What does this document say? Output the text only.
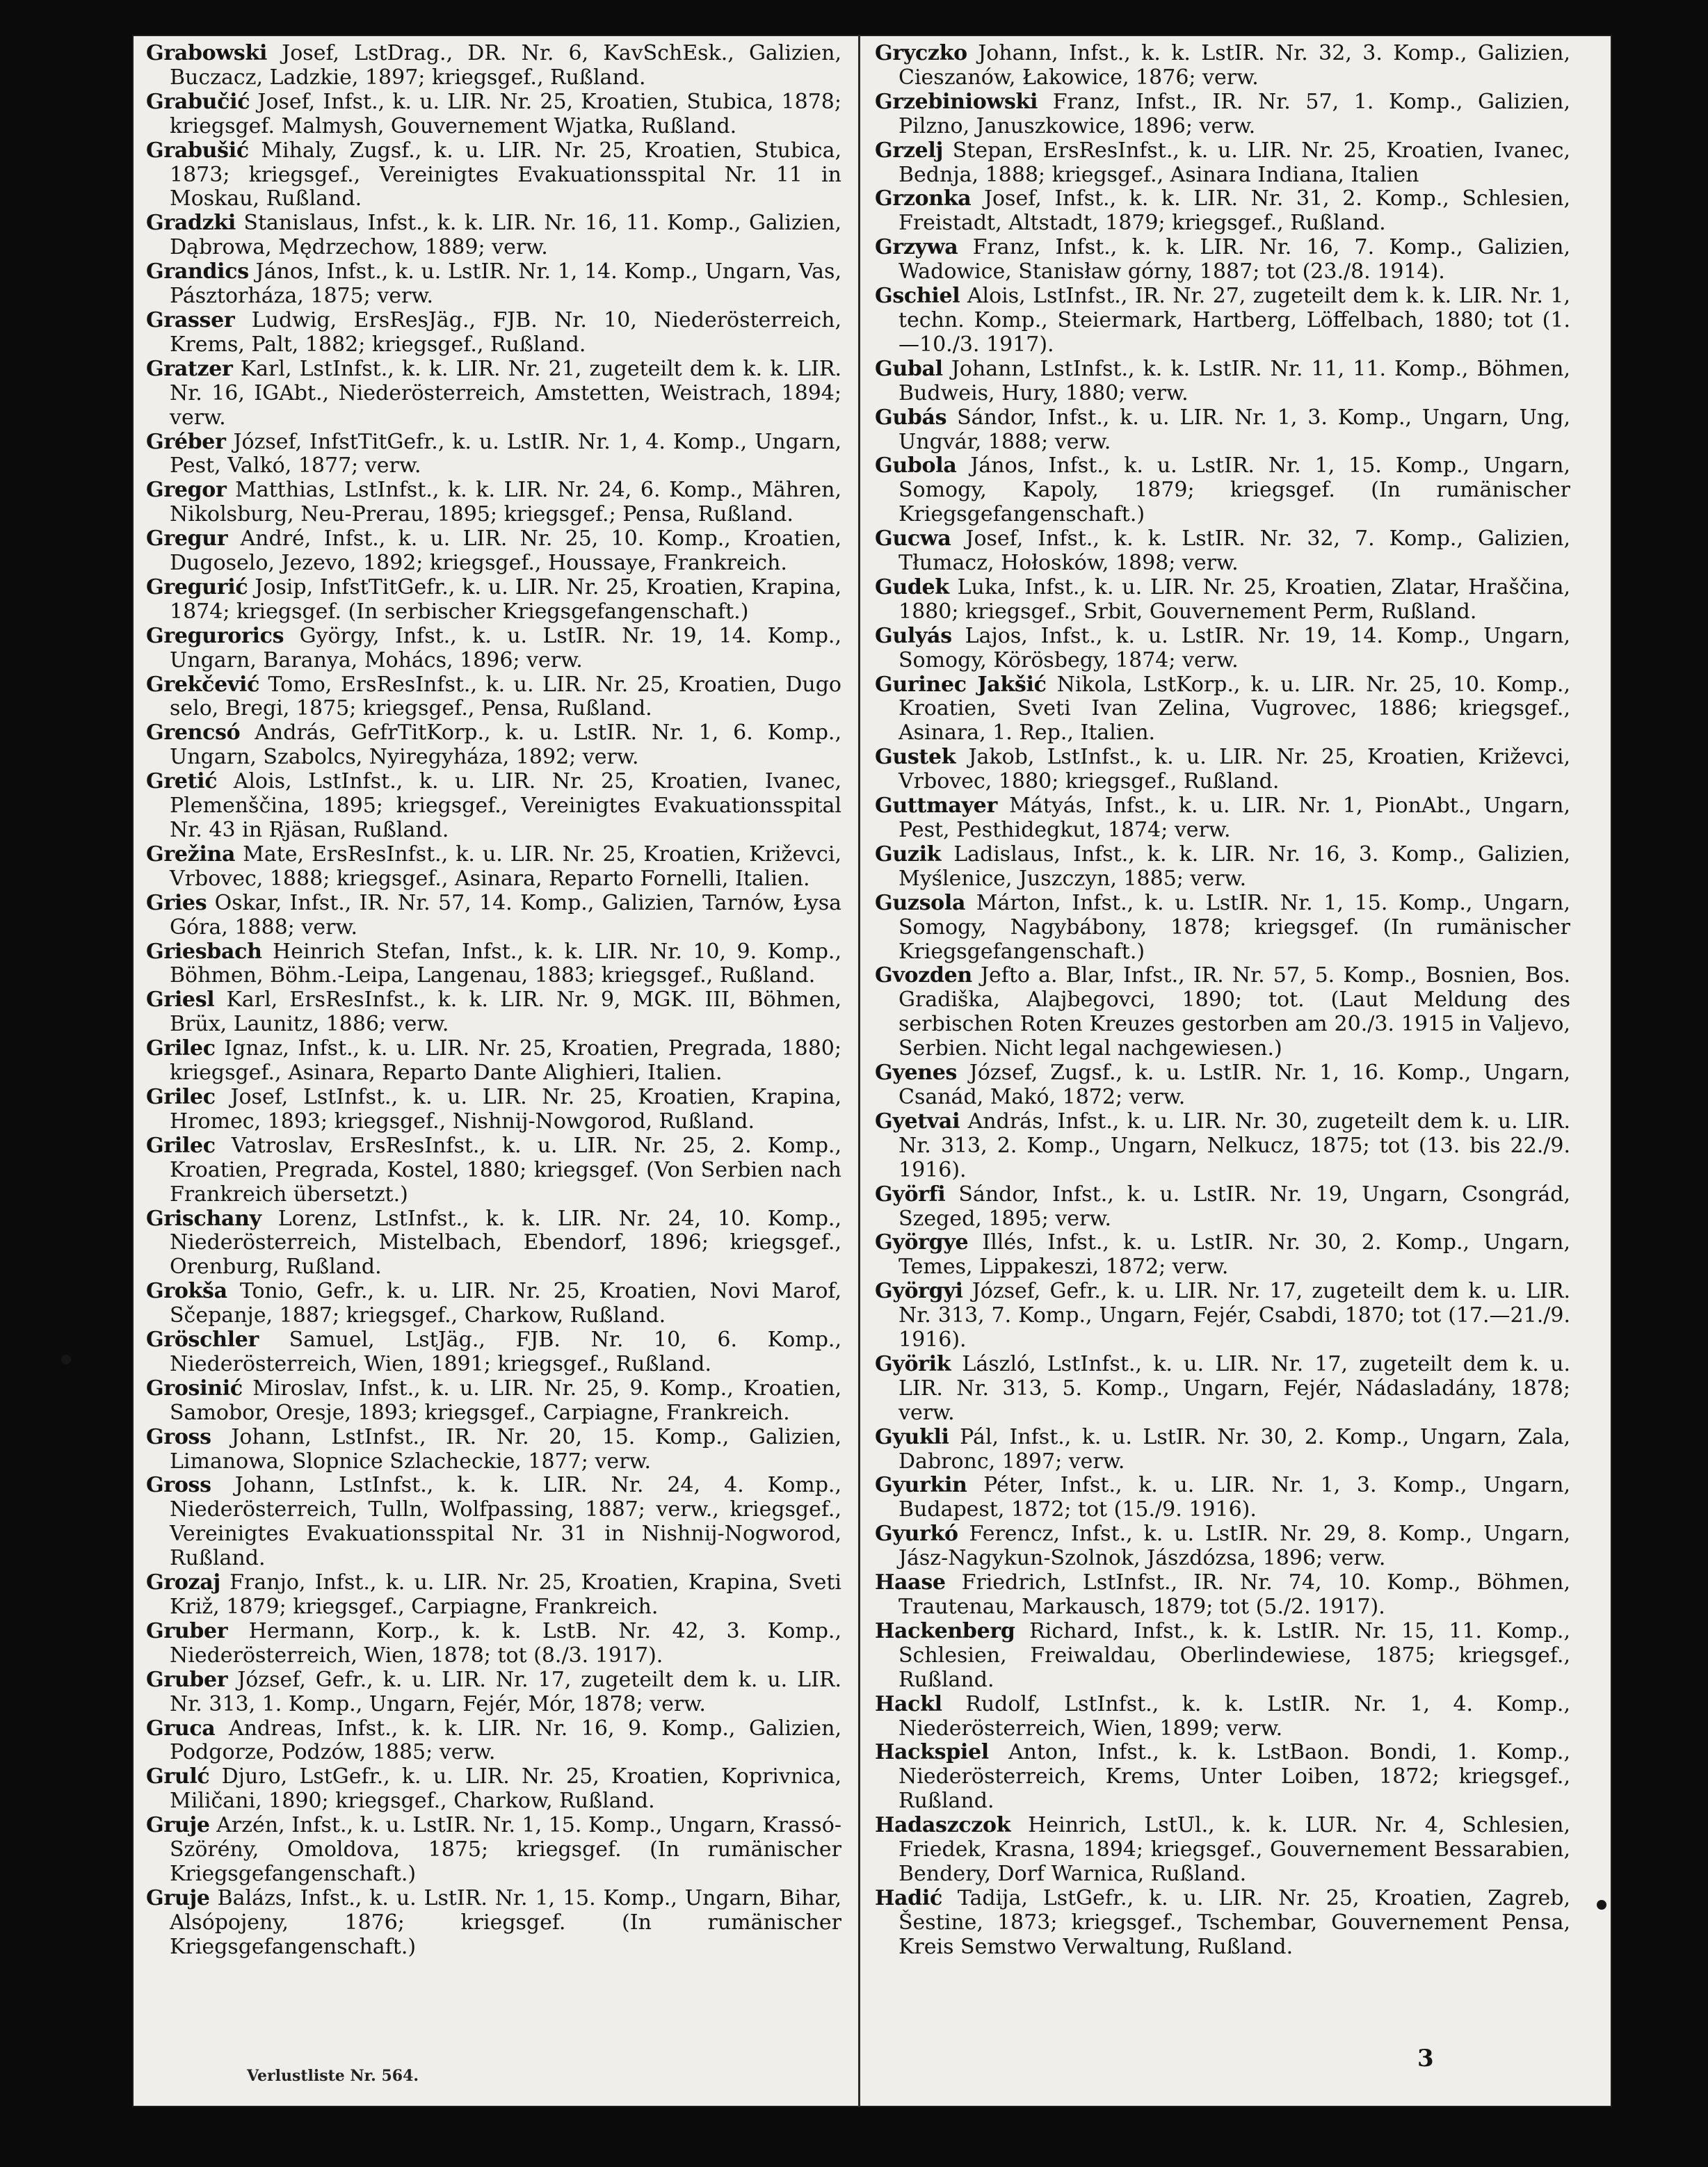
Grabowski Josef, LstDrag., DR. Nr. 6, KavSchEsk., Galizien, Buczacz, Ladzkie, 1897; kriegsgef., Rußland.

Grabučić Josef, Infst., k. u. LIR. Nr. 25, Kroatien, Stubica, 1878; kriegsgef. Malmysh, Gouvernement Wjatka, Rußland.

Grabušić Mihaly, Zugsf., k. u. LIR. Nr. 25, Kroatien, Stubica, 1873; kriegsgef., Vereinigtes Evakuationsspital Nr. 11 in Moskau, Rußland.

Gradzki Stanislaus, Infst., k. k. LIR. Nr. 16, 11. Komp., Galizien, Dąbrowa, Mędrzechow, 1889; verw.

Grandics János, Infst., k. u. LstIR. Nr. 1, 14. Komp., Ungarn, Vas, Pásztorháza, 1875; verw.

Grasser Ludwig, ErsResJäg., FJB. Nr. 10, Niederösterreich, Krems, Palt, 1882; kriegsgef., Rußland.

Gratzer Karl, LstInfst., k. k. LIR. Nr. 21, zugeteilt dem k. k. LIR. Nr. 16, IGAbt., Niederösterreich, Amstetten, Weistrach, 1894; verw.

Gréber József, InfstTitGefr., k. u. LstIR. Nr. 1, 4. Komp., Ungarn, Pest, Valkó, 1877; verw.

Gregor Matthias, LstInfst., k. k. LIR. Nr. 24, 6. Komp., Mähren, Nikolsburg, Neu-Prerau, 1895; kriegsgef.; Pensa, Rußland.

Gregur André, Infst., k. u. LIR. Nr. 25, 10. Komp., Kroatien, Dugoselo, Jezevo, 1892; kriegsgef., Houssaye, Frankreich.

Gregurić Josip, InfstTitGefr., k. u. LIR. Nr. 25, Kroatien, Krapina, 1874; kriegsgef. (In serbischer Kriegsgefangenschaft.)

Gregurorics György, Infst., k. u. LstIR. Nr. 19, 14. Komp., Ungarn, Baranya, Mohács, 1896; verw.

Grekčević Tomo, ErsResInfst., k. u. LIR. Nr. 25, Kroatien, Dugo selo, Bregi, 1875; kriegsgef., Pensa, Rußland.

Grencsó András, GefrTitKorp., k. u. LstIR. Nr. 1, 6. Komp., Ungarn, Szabolcs, Nyiregyháza, 1892; verw.

Gretić Alois, LstInfst., k. u. LIR. Nr. 25, Kroatien, Ivanec, Plemenščina, 1895; kriegsgef., Vereinigtes Evakuationsspital Nr. 43 in Rjäsan, Rußland.

Grežina Mate, ErsResInfst., k. u. LIR. Nr. 25, Kroatien, Križevci, Vrbovec, 1888; kriegsgef., Asinara, Reparto Fornelli, Italien.

Gries Oskar, Infst., IR. Nr. 57, 14. Komp., Galizien, Tarnów, Łysa Góra, 1888; verw.

Griesbach Heinrich Stefan, Infst., k. k. LIR. Nr. 10, 9. Komp., Böhmen, Böhm.-Leipa, Langenau, 1883; kriegsgef., Rußland.

Griesl Karl, ErsResInfst., k. k. LIR. Nr. 9, MGK. III, Böhmen, Brüx, Launitz, 1886; verw.

Grilec Ignaz, Infst., k. u. LIR. Nr. 25, Kroatien, Pregrada, 1880; kriegsgef., Asinara, Reparto Dante Alighieri, Italien.

Grilec Josef, LstInfst., k. u. LIR. Nr. 25, Kroatien, Krapina, Hromec, 1893; kriegsgef., Nishnij-Nowgorod, Rußland.

Grilec Vatroslav, ErsResInfst., k. u. LIR. Nr. 25, 2. Komp., Kroatien, Pregrada, Kostel, 1880; kriegsgef. (Von Serbien nach Frankreich übersetzt.)

Grischany Lorenz, LstInfst., k. k. LIR. Nr. 24, 10. Komp., Niederösterreich, Mistelbach, Ebendorf, 1896; kriegsgef., Orenburg, Rußland.

Grokša Tonio, Gefr., k. u. LIR. Nr. 25, Kroatien, Novi Marof, Sčepanje, 1887; kriegsgef., Charkow, Rußland.

Gröschler Samuel, LstJäg., FJB. Nr. 10, 6. Komp., Niederösterreich, Wien, 1891; kriegsgef., Rußland.

Grosinić Miroslav, Infst., k. u. LIR. Nr. 25, 9. Komp., Kroatien, Samobor, Oresje, 1893; kriegsgef., Carpiagne, Frankreich.

Gross Johann, LstInfst., IR. Nr. 20, 15. Komp., Galizien, Limanowa, Slopnice Szlacheckie, 1877; verw.

Gross Johann, LstInfst., k. k. LIR. Nr. 24, 4. Komp., Niederösterreich, Tulln, Wolfpassing, 1887; verw., kriegsgef., Vereinigtes Evakuationsspital Nr. 31 in Nishnij-Nogworod, Rußland.

Grozaj Franjo, Infst., k. u. LIR. Nr. 25, Kroatien, Krapina, Sveti Križ, 1879; kriegsgef., Carpiagne, Frankreich.

Gruber Hermann, Korp., k. k. LstB. Nr. 42, 3. Komp., Niederösterreich, Wien, 1878; tot (8./3. 1917).

Gruber József, Gefr., k. u. LIR. Nr. 17, zugeteilt dem k. u. LIR. Nr. 313, 1. Komp., Ungarn, Fejér, Mór, 1878; verw.

Gruca Andreas, Infst., k. k. LIR. Nr. 16, 9. Komp., Galizien, Podgorze, Podzów, 1885; verw.

Grulć Djuro, LstGefr., k. u. LIR. Nr. 25, Kroatien, Koprivnica, Miličani, 1890; kriegsgef., Charkow, Rußland.

Gruje Arzén, Infst., k. u. LstIR. Nr. 1, 15. Komp., Ungarn, Krassó-Szörény, Omoldova, 1875; kriegsgef. (In rumänischer Kriegsgefangenschaft.)

Gruje Balázs, Infst., k. u. LstIR. Nr. 1, 15. Komp., Ungarn, Bihar, Alsópojeny, 1876; kriegsgef. (In rumänischer Kriegsgefangenschaft.)

Gryczko Johann, Infst., k. k. LstIR. Nr. 32, 3. Komp., Galizien, Cieszanów, Łakowice, 1876; verw.

Grzebiniowski Franz, Infst., IR. Nr. 57, 1. Komp., Galizien, Pilzno, Januszkowice, 1896; verw.

Grzelj Stepan, ErsResInfst., k. u. LIR. Nr. 25, Kroatien, Ivanec, Bednja, 1888; kriegsgef., Asinara Indiana, Italien

Grzonka Josef, Infst., k. k. LIR. Nr. 31, 2. Komp., Schlesien, Freistadt, Altstadt, 1879; kriegsgef., Rußland.

Grzywa Franz, Infst., k. k. LIR. Nr. 16, 7. Komp., Galizien, Wadowice, Stanisław górny, 1887; tot (23./8. 1914).

Gschiel Alois, LstInfst., IR. Nr. 27, zugeteilt dem k. k. LIR. Nr. 1, techn. Komp., Steiermark, Hartberg, Löffelbach, 1880; tot (1.—10./3. 1917).

Gubal Johann, LstInfst., k. k. LstIR. Nr. 11, 11. Komp., Böhmen, Budweis, Hury, 1880; verw.

Gubás Sándor, Infst., k. u. LIR. Nr. 1, 3. Komp., Ungarn, Ung, Ungvár, 1888; verw.

Gubola János, Infst., k. u. LstIR. Nr. 1, 15. Komp., Ungarn, Somogy, Kapoly, 1879; kriegsgef. (In rumänischer Kriegsgefangenschaft.)

Gucwa Josef, Infst., k. k. LstIR. Nr. 32, 7. Komp., Galizien, Tłumacz, Hołosków, 1898; verw.

Gudek Luka, Infst., k. u. LIR. Nr. 25, Kroatien, Zlatar, Hraščina, 1880; kriegsgef., Srbit, Gouvernement Perm, Rußland.

Gulyás Lajos, Infst., k. u. LstIR. Nr. 19, 14. Komp., Ungarn, Somogy, Körösbegy, 1874; verw.

Gurinec Jakšić Nikola, LstKorp., k. u. LIR. Nr. 25, 10. Komp., Kroatien, Sveti Ivan Zelina, Vugrovec, 1886; kriegsgef., Asinara, 1. Rep., Italien.

Gustek Jakob, LstInfst., k. u. LIR. Nr. 25, Kroatien, Križevci, Vrbovec, 1880; kriegsgef., Rußland.

Guttmayer Mátyás, Infst., k. u. LIR. Nr. 1, PionAbt., Ungarn, Pest, Pesthidegkut, 1874; verw.

Guzik Ladislaus, Infst., k. k. LIR. Nr. 16, 3. Komp., Galizien, Myślenice, Juszczyn, 1885; verw.

Guzsola Márton, Infst., k. u. LstIR. Nr. 1, 15. Komp., Ungarn, Somogy, Nagybábony, 1878; kriegsgef. (In rumänischer Kriegsgefangenschaft.)

Gvozden Jefto a. Blar, Infst., IR. Nr. 57, 5. Komp., Bosnien, Bos. Gradiška, Alajbegovci, 1890; tot. (Laut Meldung des serbischen Roten Kreuzes gestorben am 20./3. 1915 in Valjevo, Serbien. Nicht legal nachgewiesen.)

Gyenes József, Zugsf., k. u. LstIR. Nr. 1, 16. Komp., Ungarn, Csanád, Makó, 1872; verw.

Gyetvai András, Infst., k. u. LIR. Nr. 30, zugeteilt dem k. u. LIR. Nr. 313, 2. Komp., Ungarn, Nelkucz, 1875; tot (13. bis 22./9. 1916).

Györfi Sándor, Infst., k. u. LstIR. Nr. 19, Ungarn, Csongrád, Szeged, 1895; verw.

Györgye Illés, Infst., k. u. LstIR. Nr. 30, 2. Komp., Ungarn, Temes, Lippakeszi, 1872; verw.

Györgyi József, Gefr., k. u. LIR. Nr. 17, zugeteilt dem k. u. LIR. Nr. 313, 7. Komp., Ungarn, Fejér, Csabdi, 1870; tot (17.—21./9. 1916).

Györik László, LstInfst., k. u. LIR. Nr. 17, zugeteilt dem k. u. LIR. Nr. 313, 5. Komp., Ungarn, Fejér, Nádasladány, 1878; verw.

Gyukli Pál, Infst., k. u. LstIR. Nr. 30, 2. Komp., Ungarn, Zala, Dabronc, 1897; verw.

Gyurkin Péter, Infst., k. u. LIR. Nr. 1, 3. Komp., Ungarn, Budapest, 1872; tot (15./9. 1916).

Gyurkó Ferencz, Infst., k. u. LstIR. Nr. 29, 8. Komp., Ungarn, Jász-Nagykun-Szolnok, Jászdózsa, 1896; verw.

Haase Friedrich, LstInfst., IR. Nr. 74, 10. Komp., Böhmen, Trautenau, Markausch, 1879; tot (5./2. 1917).

Hackenberg Richard, Infst., k. k. LstIR. Nr. 15, 11. Komp., Schlesien, Freiwaldau, Oberlindewiese, 1875; kriegsgef., Rußland.

Hackl Rudolf, LstInfst., k. k. LstIR. Nr. 1, 4. Komp., Niederösterreich, Wien, 1899; verw.

Hackspiel Anton, Infst., k. k. LstBaon. Bondi, 1. Komp., Niederösterreich, Krems, Unter Loiben, 1872; kriegsgef., Rußland.

Hadaszczok Heinrich, LstUl., k. k. LUR. Nr. 4, Schlesien, Friedek, Krasna, 1894; kriegsgef., Gouvernement Bessarabien, Bendery, Dorf Warnica, Rußland.

Hadić Tadija, LstGefr., k. u. LIR. Nr. 25, Kroatien, Zagreb, Šestine, 1873; kriegsgef., Tschembar, Gouvernement Pensa, Kreis Semstwo Verwaltung, Rußland.

Verlustliste Nr. 564.
3
